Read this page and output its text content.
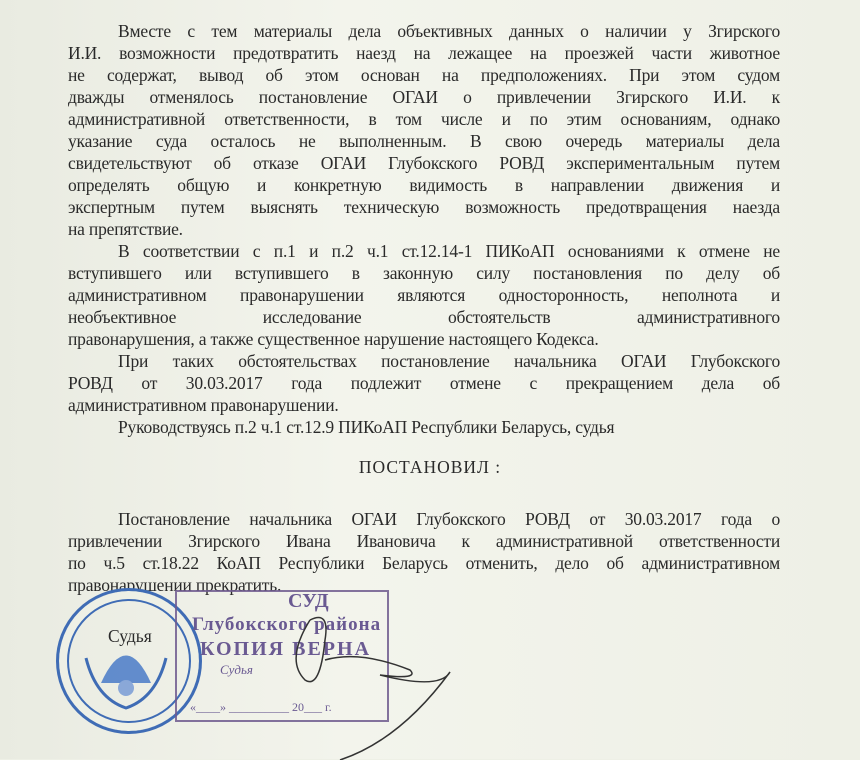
Вместе с тем материалы дела объективных данных о наличии у Згирского
И.И. возможности предотвратить наезд на лежащее на проезжей части животное
не содержат, вывод об этом основан на предположениях. При этом судом
дважды отменялось постановление ОГАИ о привлечении Згирского И.И. к
административной ответственности, в том числе и по этим основаниям, однако
указание суда осталось не выполненным. В свою очередь материалы дела
свидетельствуют об отказе ОГАИ Глубокского РОВД экспериментальным путем
определять общую и конкретную видимость в направлении движения и
экспертным путем выяснять техническую возможность предотвращения наезда
на препятствие.
В соответствии с п.1 и п.2 ч.1 ст.12.14-1 ПИКоАП основаниями к отмене не
вступившего или вступившего в законную силу постановления по делу об
административном правонарушении являются односторонность, неполнота и
необъективное исследование обстоятельств административного
правонарушения, а также существенное нарушение настоящего Кодекса.
При таких обстоятельствах постановление начальника ОГАИ Глубокского
РОВД от 30.03.2017 года подлежит отмене с прекращением дела об
административном правонарушении.
Руководствуясь п.2 ч.1 ст.12.9 ПИКоАП Республики Беларусь, судья
ПОСТАНОВИЛ :
Постановление начальника ОГАИ Глубокского РОВД от 30.03.2017 года о
привлечении Згирского Ивана Ивановича к административной ответственности
по ч.5 ст.18.22 КоАП Республики Беларусь отменить, дело об административном
правонарушении прекратить.
СУД
Глубокского района
КОПИЯ ВЕРНА
Судья
«____» __________ 20___ г.
Судья
